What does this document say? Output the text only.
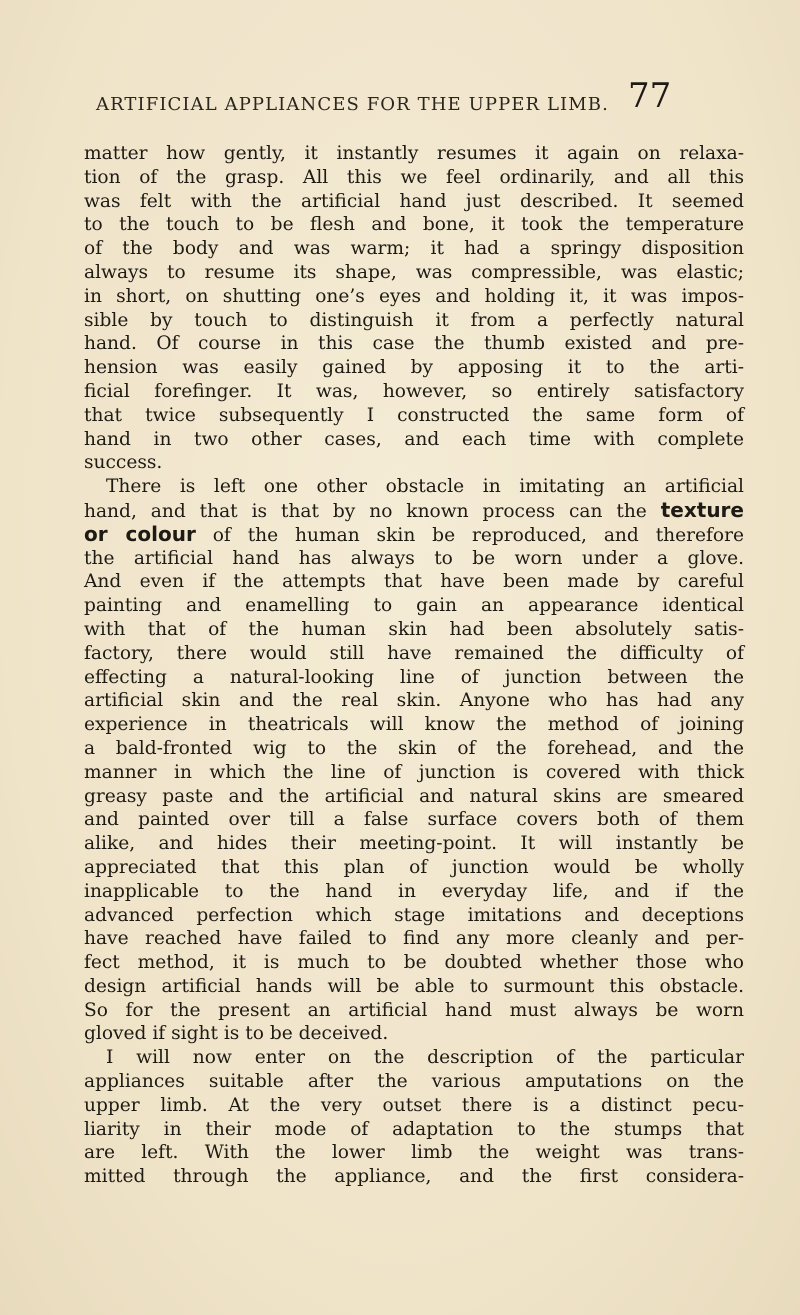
ARTIFICIAL APPLIANCES FOR THE UPPER LIMB. 77
matter how gently, it instantly resumes it again on relaxa-
tion of the grasp. All this we feel ordinarily, and all this
was felt with the artificial hand just described. It seemed
to the touch to be flesh and bone, it took the temperature
of the body and was warm; it had a springy disposition
always to resume its shape, was compressible, was elastic;
in short, on shutting one’s eyes and holding it, it was impos-
sible by touch to distinguish it from a perfectly natural
hand. Of course in this case the thumb existed and pre-
hension was easily gained by apposing it to the arti-
ficial forefinger. It was, however, so entirely satisfactory
that twice subsequently I constructed the same form of
hand in two other cases, and each time with complete
success.
There is left one other obstacle in imitating an artificial
hand, and that is that by no known process can the texture
or colour of the human skin be reproduced, and therefore
the artificial hand has always to be worn under a glove.
And even if the attempts that have been made by careful
painting and enamelling to gain an appearance identical
with that of the human skin had been absolutely satis-
factory, there would still have remained the difficulty of
effecting a natural-looking line of junction between the
artificial skin and the real skin. Anyone who has had any
experience in theatricals will know the method of joining
a bald-fronted wig to the skin of the forehead, and the
manner in which the line of junction is covered with thick
greasy paste and the artificial and natural skins are smeared
and painted over till a false surface covers both of them
alike, and hides their meeting-point. It will instantly be
appreciated that this plan of junction would be wholly
inapplicable to the hand in everyday life, and if the
advanced perfection which stage imitations and deceptions
have reached have failed to find any more cleanly and per-
fect method, it is much to be doubted whether those who
design artificial hands will be able to surmount this obstacle.
So for the present an artificial hand must always be worn
gloved if sight is to be deceived.
I will now enter on the description of the particular
appliances suitable after the various amputations on the
upper limb. At the very outset there is a distinct pecu-
liarity in their mode of adaptation to the stumps that
are left. With the lower limb the weight was trans-
mitted through the appliance, and the first considera-
